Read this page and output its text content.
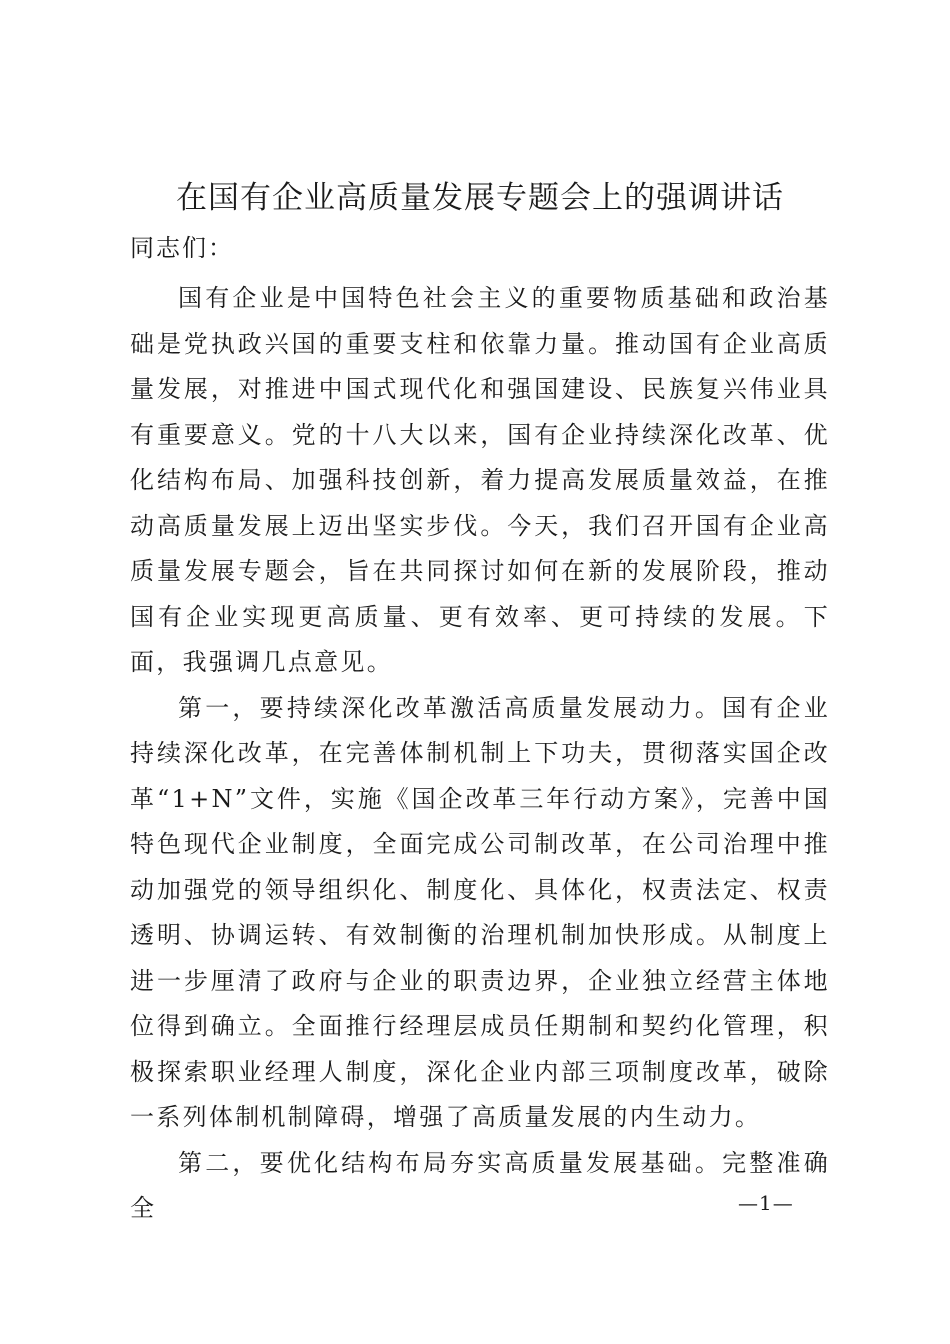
在国有企业高质量发展专题会上的强调讲话
同志们：

国有企业是中国特色社会主义的重要物质基础和政治基础是党执政兴国的重要支柱和依靠力量。推动国有企业高质量发展，对推进中国式现代化和强国建设、民族复兴伟业具有重要意义。党的十八大以来，国有企业持续深化改革、优化结构布局、加强科技创新，着力提高发展质量效益，在推动高质量发展上迈出坚实步伐。今天，我们召开国有企业高质量发展专题会，旨在共同探讨如何在新的发展阶段，推动国有企业实现更高质量、更有效率、更可持续的发展。下面，我强调几点意见。

第一，要持续深化改革激活高质量发展动力。国有企业持续深化改革，在完善体制机制上下功夫，贯彻落实国企改革“1+N”文件，实施《国企改革三年行动方案》，完善中国特色现代企业制度，全面完成公司制改革，在公司治理中推动加强党的领导组织化、制度化、具体化，权责法定、权责透明、协调运转、有效制衡的治理机制加快形成。从制度上进一步厘清了政府与企业的职责边界，企业独立经营主体地位得到确立。全面推行经理层成员任期制和契约化管理，积极探索职业经理人制度，深化企业内部三项制度改革，破除一系列体制机制障碍，增强了高质量发展的内生动力。

第二，要优化结构布局夯实高质量发展基础。完整准确全	—1—
